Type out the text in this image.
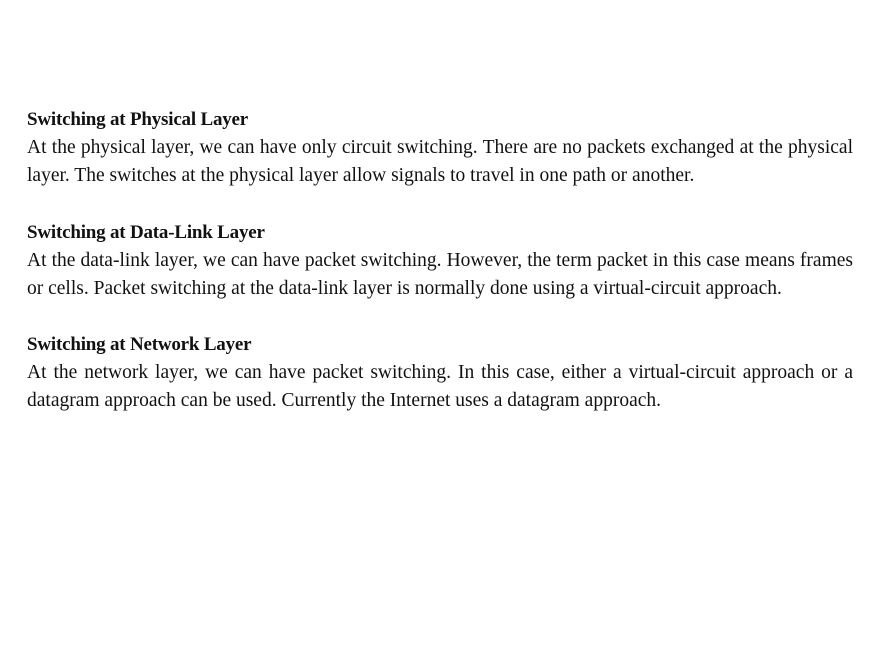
Switching at Physical Layer

At the physical layer, we can have only circuit switching. There are no packets exchanged at the physical layer. The switches at the physical layer allow signals to travel in one path or another.

Switching at Data-Link Layer

At the data-link layer, we can have packet switching. However, the term packet in this case means frames or cells. Packet switching at the data-link layer is normally done using a virtual-circuit approach.

Switching at Network Layer

At the network layer, we can have packet switching. In this case, either a virtual-circuit approach or a datagram approach can be used. Currently the Internet uses a datagram approach.
